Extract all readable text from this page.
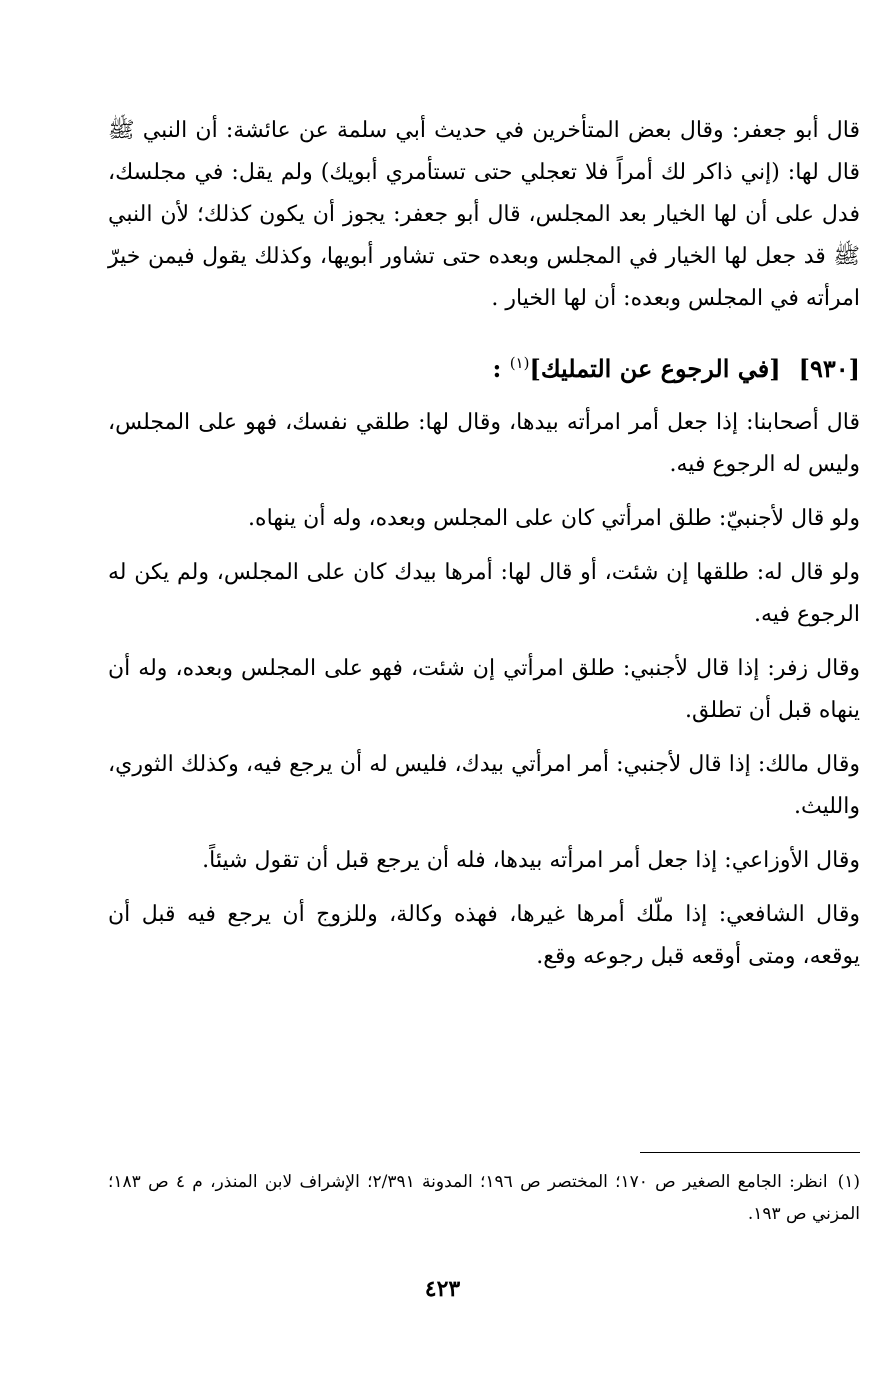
قال أبو جعفر: وقال بعض المتأخرين في حديث أبي سلمة عن عائشة: أن النبي ﷺ قال لها: (إني ذاكر لك أمراً فلا تعجلي حتى تستأمري أبويك) ولم يقل: في مجلسك، فدل على أن لها الخيار بعد المجلس، قال أبو جعفر: يجوز أن يكون كذلك؛ لأن النبي ﷺ قد جعل لها الخيار في المجلس وبعده حتى تشاور أبويها، وكذلك يقول فيمن خيرّ امرأته في المجلس وبعده: أن لها الخيار .

[٩٣٠][في الرجوع عن التمليك]$^{(١)}$ :

قال أصحابنا: إذا جعل أمر امرأته بيدها، وقال لها: طلقي نفسك، فهو على المجلس، وليس له الرجوع فيه.

ولو قال لأجنبيّ: طلق امرأتي كان على المجلس وبعده، وله أن ينهاه.

ولو قال له: طلقها إن شئت، أو قال لها: أمرها بيدك كان على المجلس، ولم يكن له الرجوع فيه.

وقال زفر: إذا قال لأجنبي: طلق امرأتي إن شئت، فهو على المجلس وبعده، وله أن ينهاه قبل أن تطلق.

وقال مالك: إذا قال لأجنبي: أمر امرأتي بيدك، فليس له أن يرجع فيه، وكذلك الثوري، والليث.

وقال الأوزاعي: إذا جعل أمر امرأته بيدها، فله أن يرجع قبل أن تقول شيئاً.

وقال الشافعي: إذا ملّك أمرها غيرها، فهذه وكالة، وللزوج أن يرجع فيه قبل أن يوقعه، ومتى أوقعه قبل رجوعه وقع.

(١)انظر: الجامع الصغير ص ١٧٠؛ المختصر ص ١٩٦؛ المدونة ٢/٣٩١؛ الإشراف لابن المنذر، م ٤ ص ١٨٣؛ المزني ص ١٩٣.
٤٢٣
